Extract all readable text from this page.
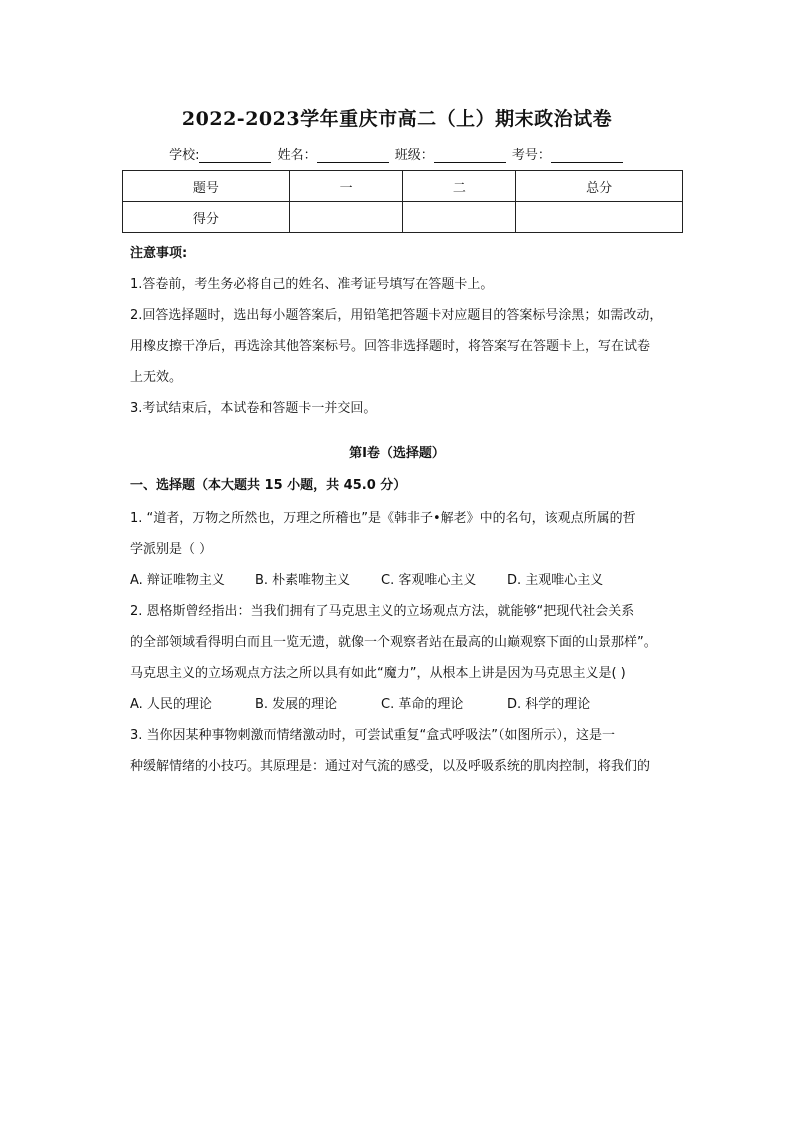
2022-2023学年重庆市高二（上）期末政治试卷
学校:	姓名：	班级：	考号：
题号	一	二	总分
得分			
注意事项:
1.答卷前，考生务必将自己的姓名、准考证号填写在答题卡上。
2.回答选择题时，选出每小题答案后，用铅笔把答题卡对应题目的答案标号涂黑；如需改动，
用橡皮擦干净后，再选涂其他答案标号。回答非选择题时，将答案写在答题卡上，写在试卷
上无效。
3.考试结束后，本试卷和答题卡一并交回。
第Ⅰ卷（选择题）
一、选择题（本大题共 15 小题，共 45.0 分）
1. “道者，万物之所然也，万理之所稽也”是《韩非子•解老》中的名句，该观点所属的哲
学派别是（ ）
A. 辩证唯物主义 B. 朴素唯物主义 C. 客观唯心主义 D. 主观唯心主义
2. 恩格斯曾经指出：当我们拥有了马克思主义的立场观点方法，就能够“把现代社会关系
的全部领域看得明白而且一览无遗，就像一个观察者站在最高的山巅观察下面的山景那样”。
马克思主义的立场观点方法之所以具有如此“魔力”，从根本上讲是因为马克思主义是( )
A. 人民的理论	B. 发展的理论	C. 革命的理论	D. 科学的理论
3. 当你因某种事物刺激而情绪激动时，可尝试重复“盒式呼吸法”（如图所示），这是一
种缓解情绪的小技巧。其原理是：通过对气流的感受，以及呼吸系统的肌肉控制，将我们的
